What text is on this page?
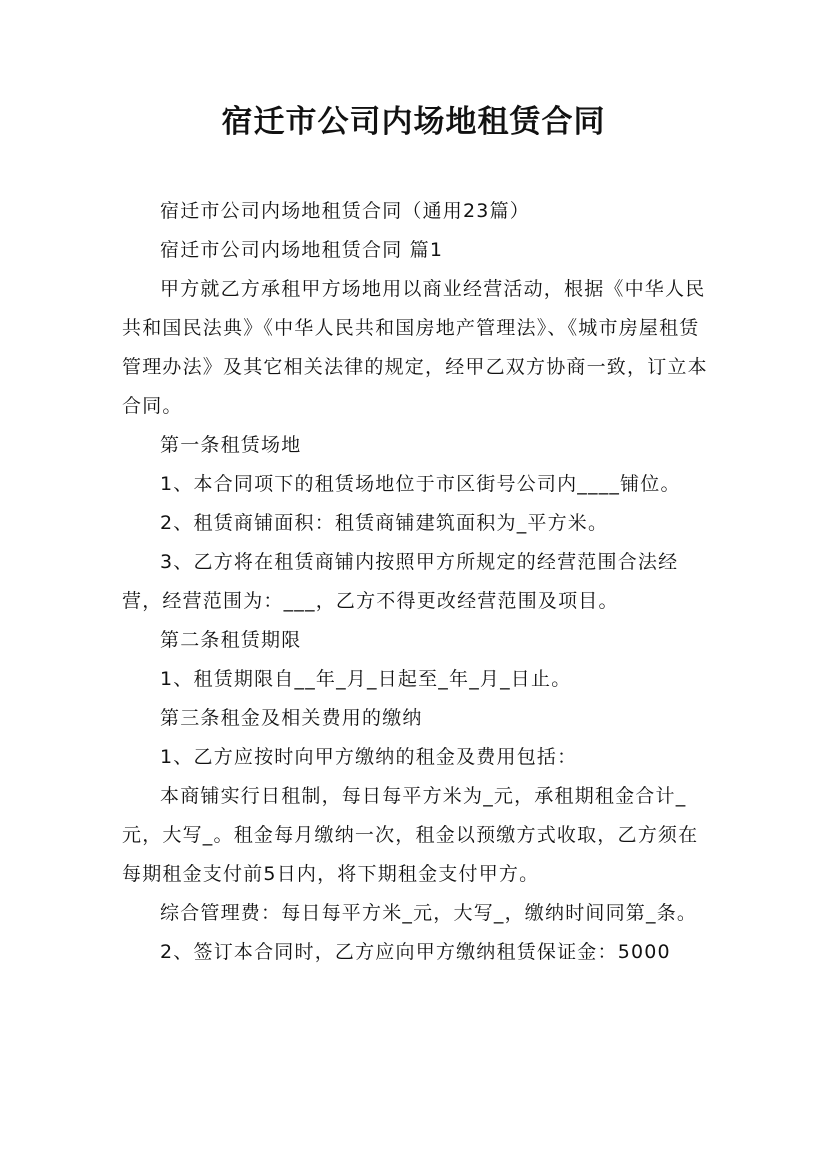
宿迁市公司内场地租赁合同

宿迁市公司内场地租赁合同（通用23篇）

宿迁市公司内场地租赁合同 篇1

甲方就乙方承租甲方场地用以商业经营活动，根据《中华人民共和国民法典》《中华人民共和国房地产管理法》、《城市房屋租赁管理办法》及其它相关法律的规定，经甲乙双方协商一致，订立本合同。

第一条租赁场地

1、本合同项下的租赁场地位于市区街号公司内____铺位。

2、租赁商铺面积：租赁商铺建筑面积为_平方米。

3、乙方将在租赁商铺内按照甲方所规定的经营范围合法经营，经营范围为：___，乙方不得更改经营范围及项目。

第二条租赁期限

1、租赁期限自__年_月_日起至_年_月_日止。

第三条租金及相关费用的缴纳

1、乙方应按时向甲方缴纳的租金及费用包括：

本商铺实行日租制，每日每平方米为_元，承租期租金合计_元，大写_。租金每月缴纳一次，租金以预缴方式收取，乙方须在每期租金支付前5日内，将下期租金支付甲方。

综合管理费：每日每平方米_元，大写_，缴纳时间同第_条。

2、签订本合同时，乙方应向甲方缴纳租赁保证金：5000
